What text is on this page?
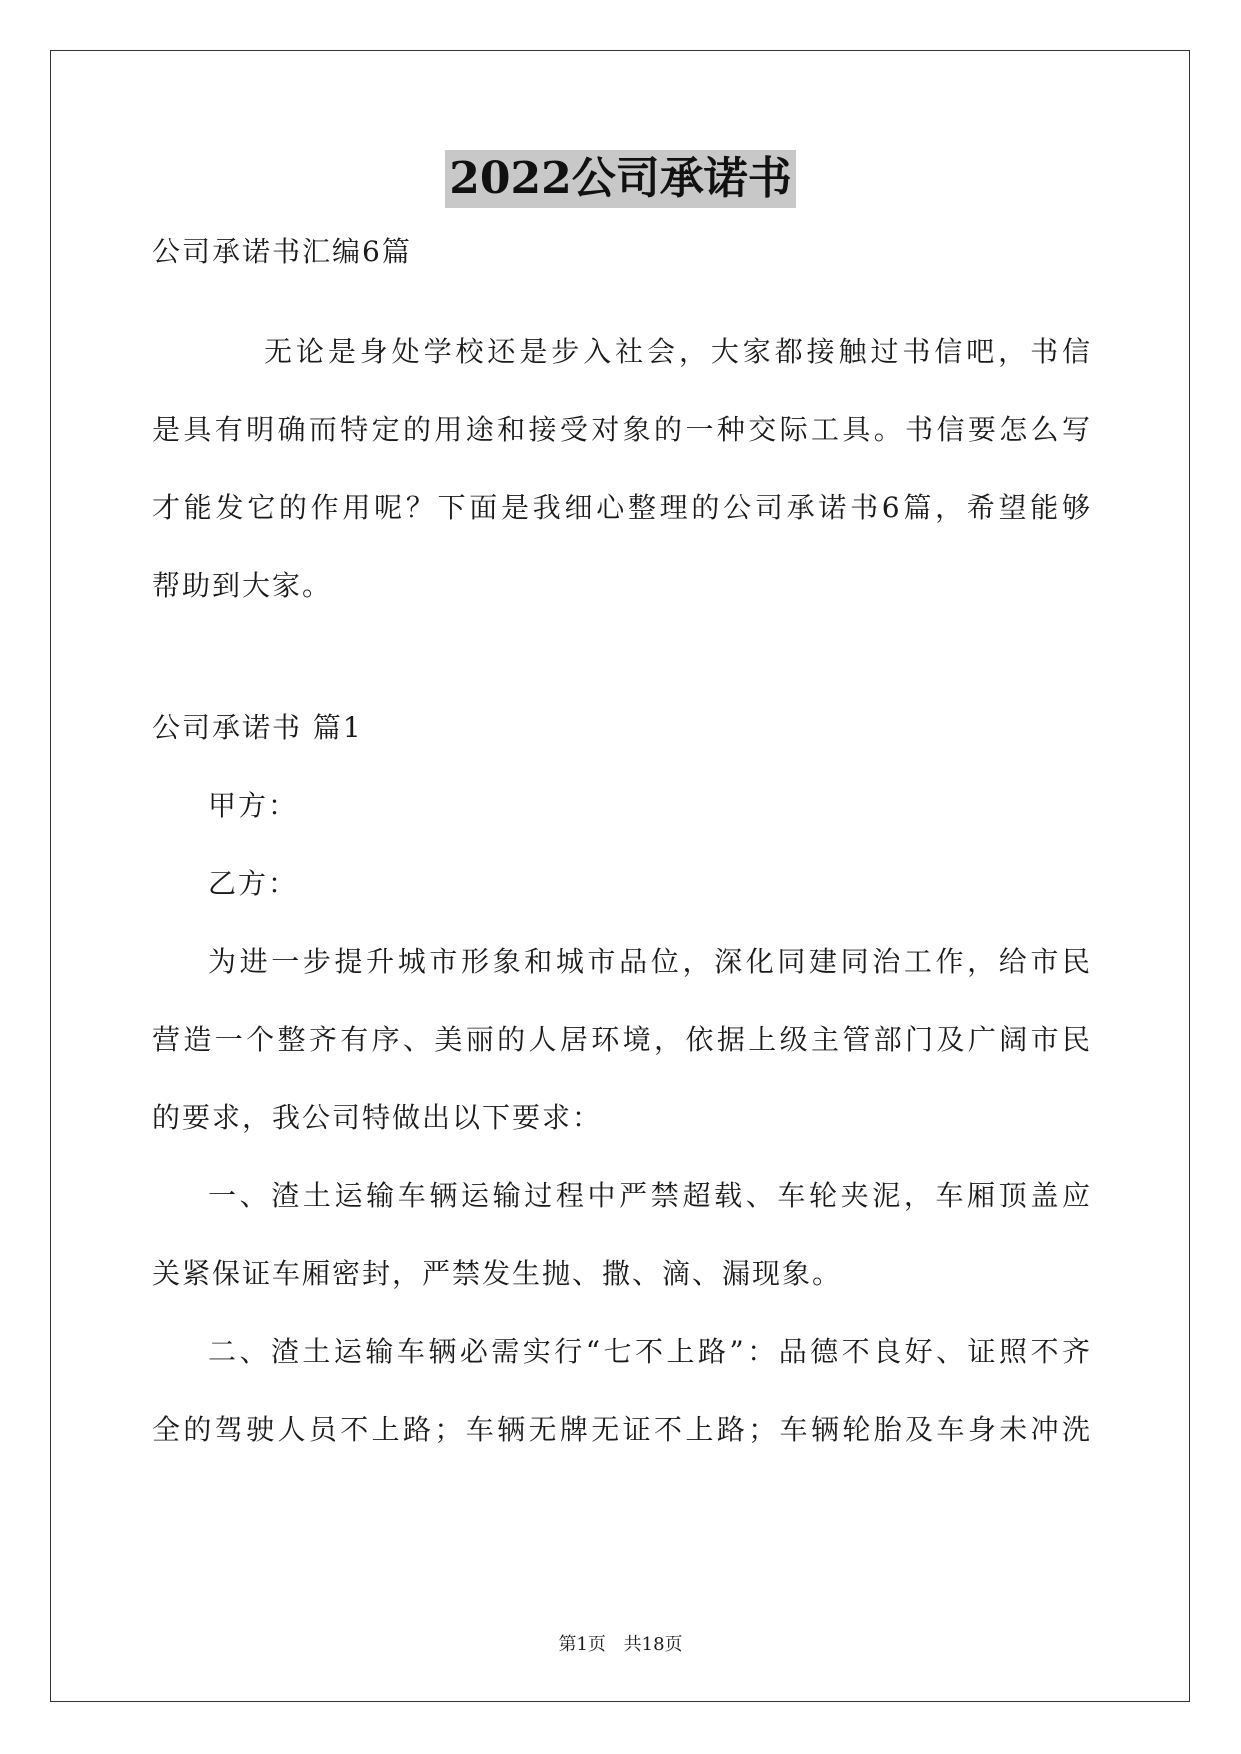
2022公司承诺书
公司承诺书汇编6篇
无论是身处学校还是步入社会，大家都接触过书信吧，书信
是具有明确而特定的用途和接受对象的一种交际工具。书信要怎么写
才能发它的作用呢？下面是我细心整理的公司承诺书6篇，希望能够
帮助到大家。
公司承诺书 篇1
甲方：
乙方：
为进一步提升城市形象和城市品位，深化同建同治工作，给市民
营造一个整齐有序、美丽的人居环境，依据上级主管部门及广阔市民
的要求，我公司特做出以下要求：
一、渣土运输车辆运输过程中严禁超载、车轮夹泥，车厢顶盖应
关紧保证车厢密封，严禁发生抛、撒、滴、漏现象。
二、渣土运输车辆必需实行“七不上路”：品德不良好、证照不齐
全的驾驶人员不上路；车辆无牌无证不上路；车辆轮胎及车身未冲洗
第1页 共18页
